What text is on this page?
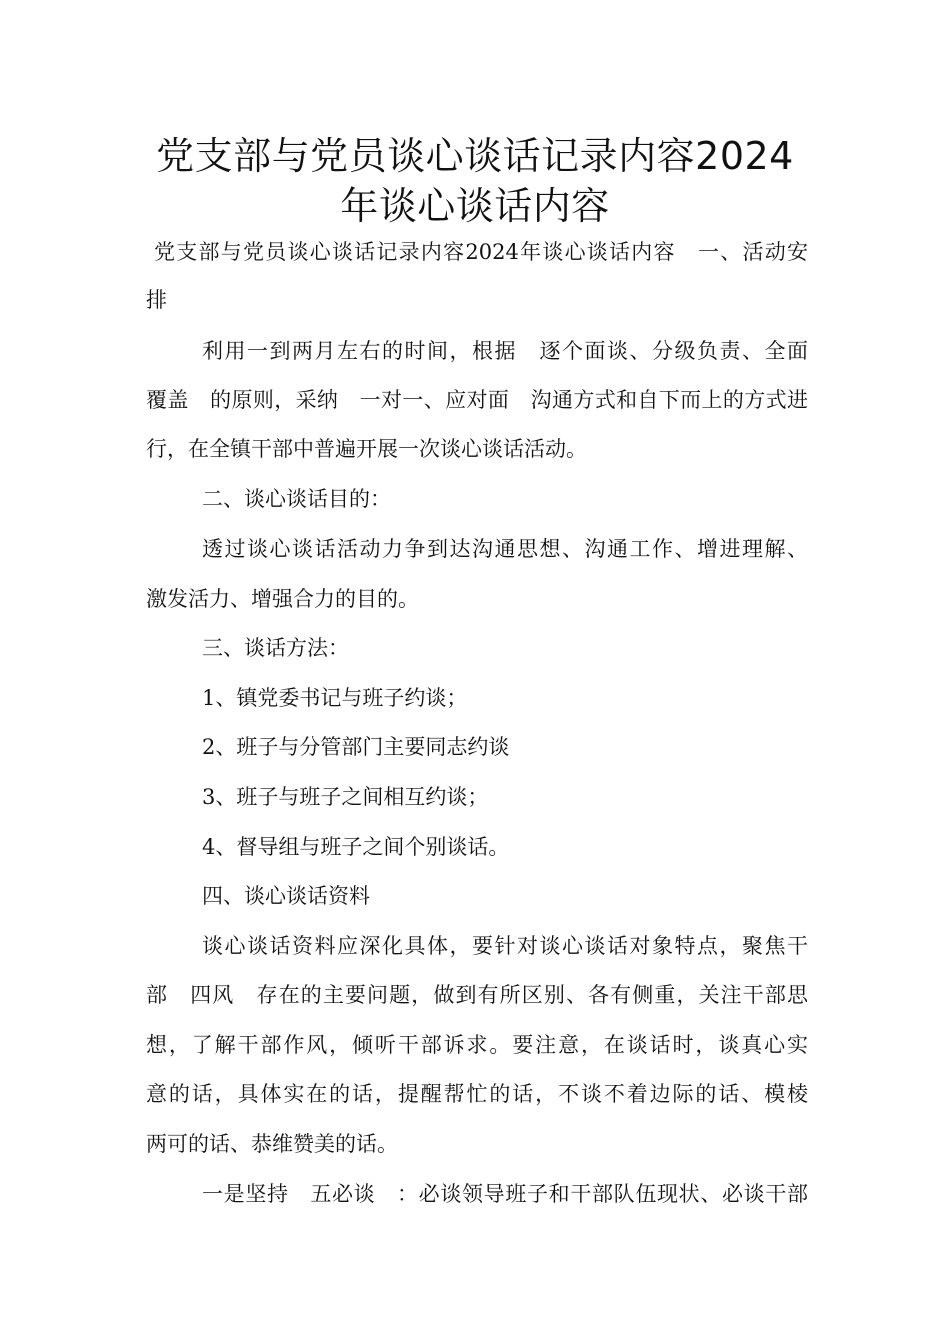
党支部与党员谈心谈话记录内容2024
年谈心谈话内容

党支部与党员谈心谈话记录内容2024年谈心谈话内容　一、活动安

排

利用一到两月左右的时间，根据　逐个面谈、分级负责、全面

覆盖　的原则，采纳　一对一、应对面　沟通方式和自下而上的方式进

行，在全镇干部中普遍开展一次谈心谈话活动。

二、谈心谈话目的：

透过谈心谈话活动力争到达沟通思想、沟通工作、增进理解、

激发活力、增强合力的目的。

三、谈话方法：

1、镇党委书记与班子约谈；

2、班子与分管部门主要同志约谈

3、班子与班子之间相互约谈；

4、督导组与班子之间个别谈话。

四、谈心谈话资料

谈心谈话资料应深化具体，要针对谈心谈话对象特点，聚焦干

部　四风　存在的主要问题，做到有所区别、各有侧重，关注干部思

想，了解干部作风，倾听干部诉求。要注意，在谈话时，谈真心实

意的话，具体实在的话，提醒帮忙的话，不谈不着边际的话、模棱

两可的话、恭维赞美的话。

一是坚持　五必谈　：必谈领导班子和干部队伍现状、必谈干部
